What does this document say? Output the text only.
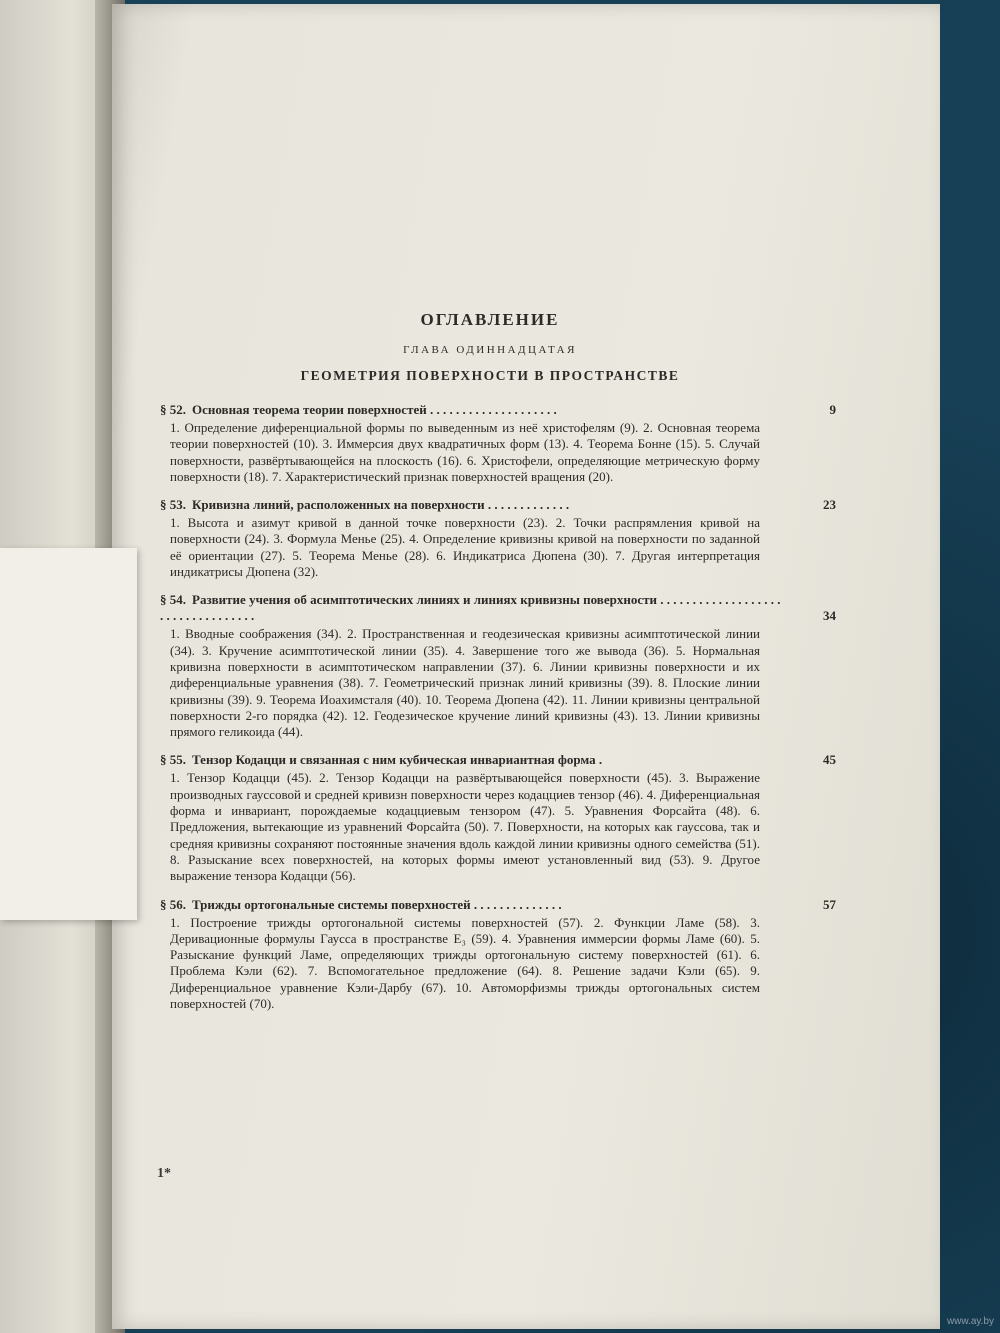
ОГЛАВЛЕНИЕ
ГЛАВА ОДИННАДЦАТАЯ
ГЕОМЕТРИЯ ПОВЕРХНОСТИ В ПРОСТРАНСТВЕ
§ 52. Основная теорема теории поверхностей . . . . . . . . . . . . . . . . . . . .	9
1. Определение диференциальной формы по выведенным из неё христофелям (9). 2. Основная теорема теории поверхностей (10). 3. Иммерсия двух квадратичных форм (13). 4. Теорема Бонне (15). 5. Случай поверхности, развёртывающейся на плоскость (16). 6. Христофели, определяющие метрическую форму поверхности (18). 7. Характеристический признак поверхностей вращения (20).
§ 53. Кривизна линий, расположенных на поверхности . . . . . . . . . . . . .	23
1. Высота и азимут кривой в данной точке поверхности (23). 2. Точки распрямления кривой на поверхности (24). 3. Формула Менье (25). 4. Определение кривизны кривой на поверхности по заданной её ориентации (27). 5. Теорема Менье (28). 6. Индикатриса Дюпена (30). 7. Другая интерпретация индикатрисы Дюпена (32).
§ 54. Развитие учения об асимптотических линиях и линиях кривизны поверхности . . . . . . . . . . . . . . . . . . . . . . . . . . . . . . . . . .	34
1. Вводные соображения (34). 2. Пространственная и геодезическая кривизны асимптотической линии (34). 3. Кручение асимптотической линии (35). 4. Завершение того же вывода (36). 5. Нормальная кривизна поверхности в асимптотическом направлении (37). 6. Линии кривизны поверхности и их диференциальные уравнения (38). 7. Геометрический признак линий кривизны (39). 8. Плоские линии кривизны (39). 9. Теорема Иоахимсталя (40). 10. Теорема Дюпена (42). 11. Линии кривизны центральной поверхности 2-го порядка (42). 12. Геодезическое кручение линий кривизны (43). 13. Линии кривизны прямого геликоида (44).
§ 55. Тензор Кодацци и связанная с ним кубическая инвариантная форма .	45
1. Тензор Кодацци (45). 2. Тензор Кодацци на развёртывающейся поверхности (45). 3. Выражение производных гауссовой и средней кривизн поверхности через кодацциев тензор (46). 4. Диференциальная форма и инвариант, порождаемые кодацциевым тензором (47). 5. Уравнения Форсайта (48). 6. Предложения, вытекающие из уравнений Форсайта (50). 7. Поверхности, на которых как гауссова, так и средняя кривизны сохраняют постоянные значения вдоль каждой линии кривизны одного семейства (51). 8. Разыскание всех поверхностей, на которых формы имеют установленный вид (53). 9. Другое выражение тензора Кодацци (56).
§ 56. Трижды ортогональные системы поверхностей . . . . . . . . . . . . . .	57
1. Построение трижды ортогональной системы поверхностей (57). 2. Функции Ламе (58). 3. Деривационные формулы Гаусса в пространстве E₃ (59). 4. Уравнения иммерсии формы Ламе (60). 5. Разыскание функций Ламе, определяющих трижды ортогональную систему поверхностей (61). 6. Проблема Кэли (62). 7. Вспомогательное предложение (64). 8. Решение задачи Кэли (65). 9. Диференциальное уравнение Кэли-Дарбу (67). 10. Автоморфизмы трижды ортогональных систем поверхностей (70).
1*
www.ay.by
